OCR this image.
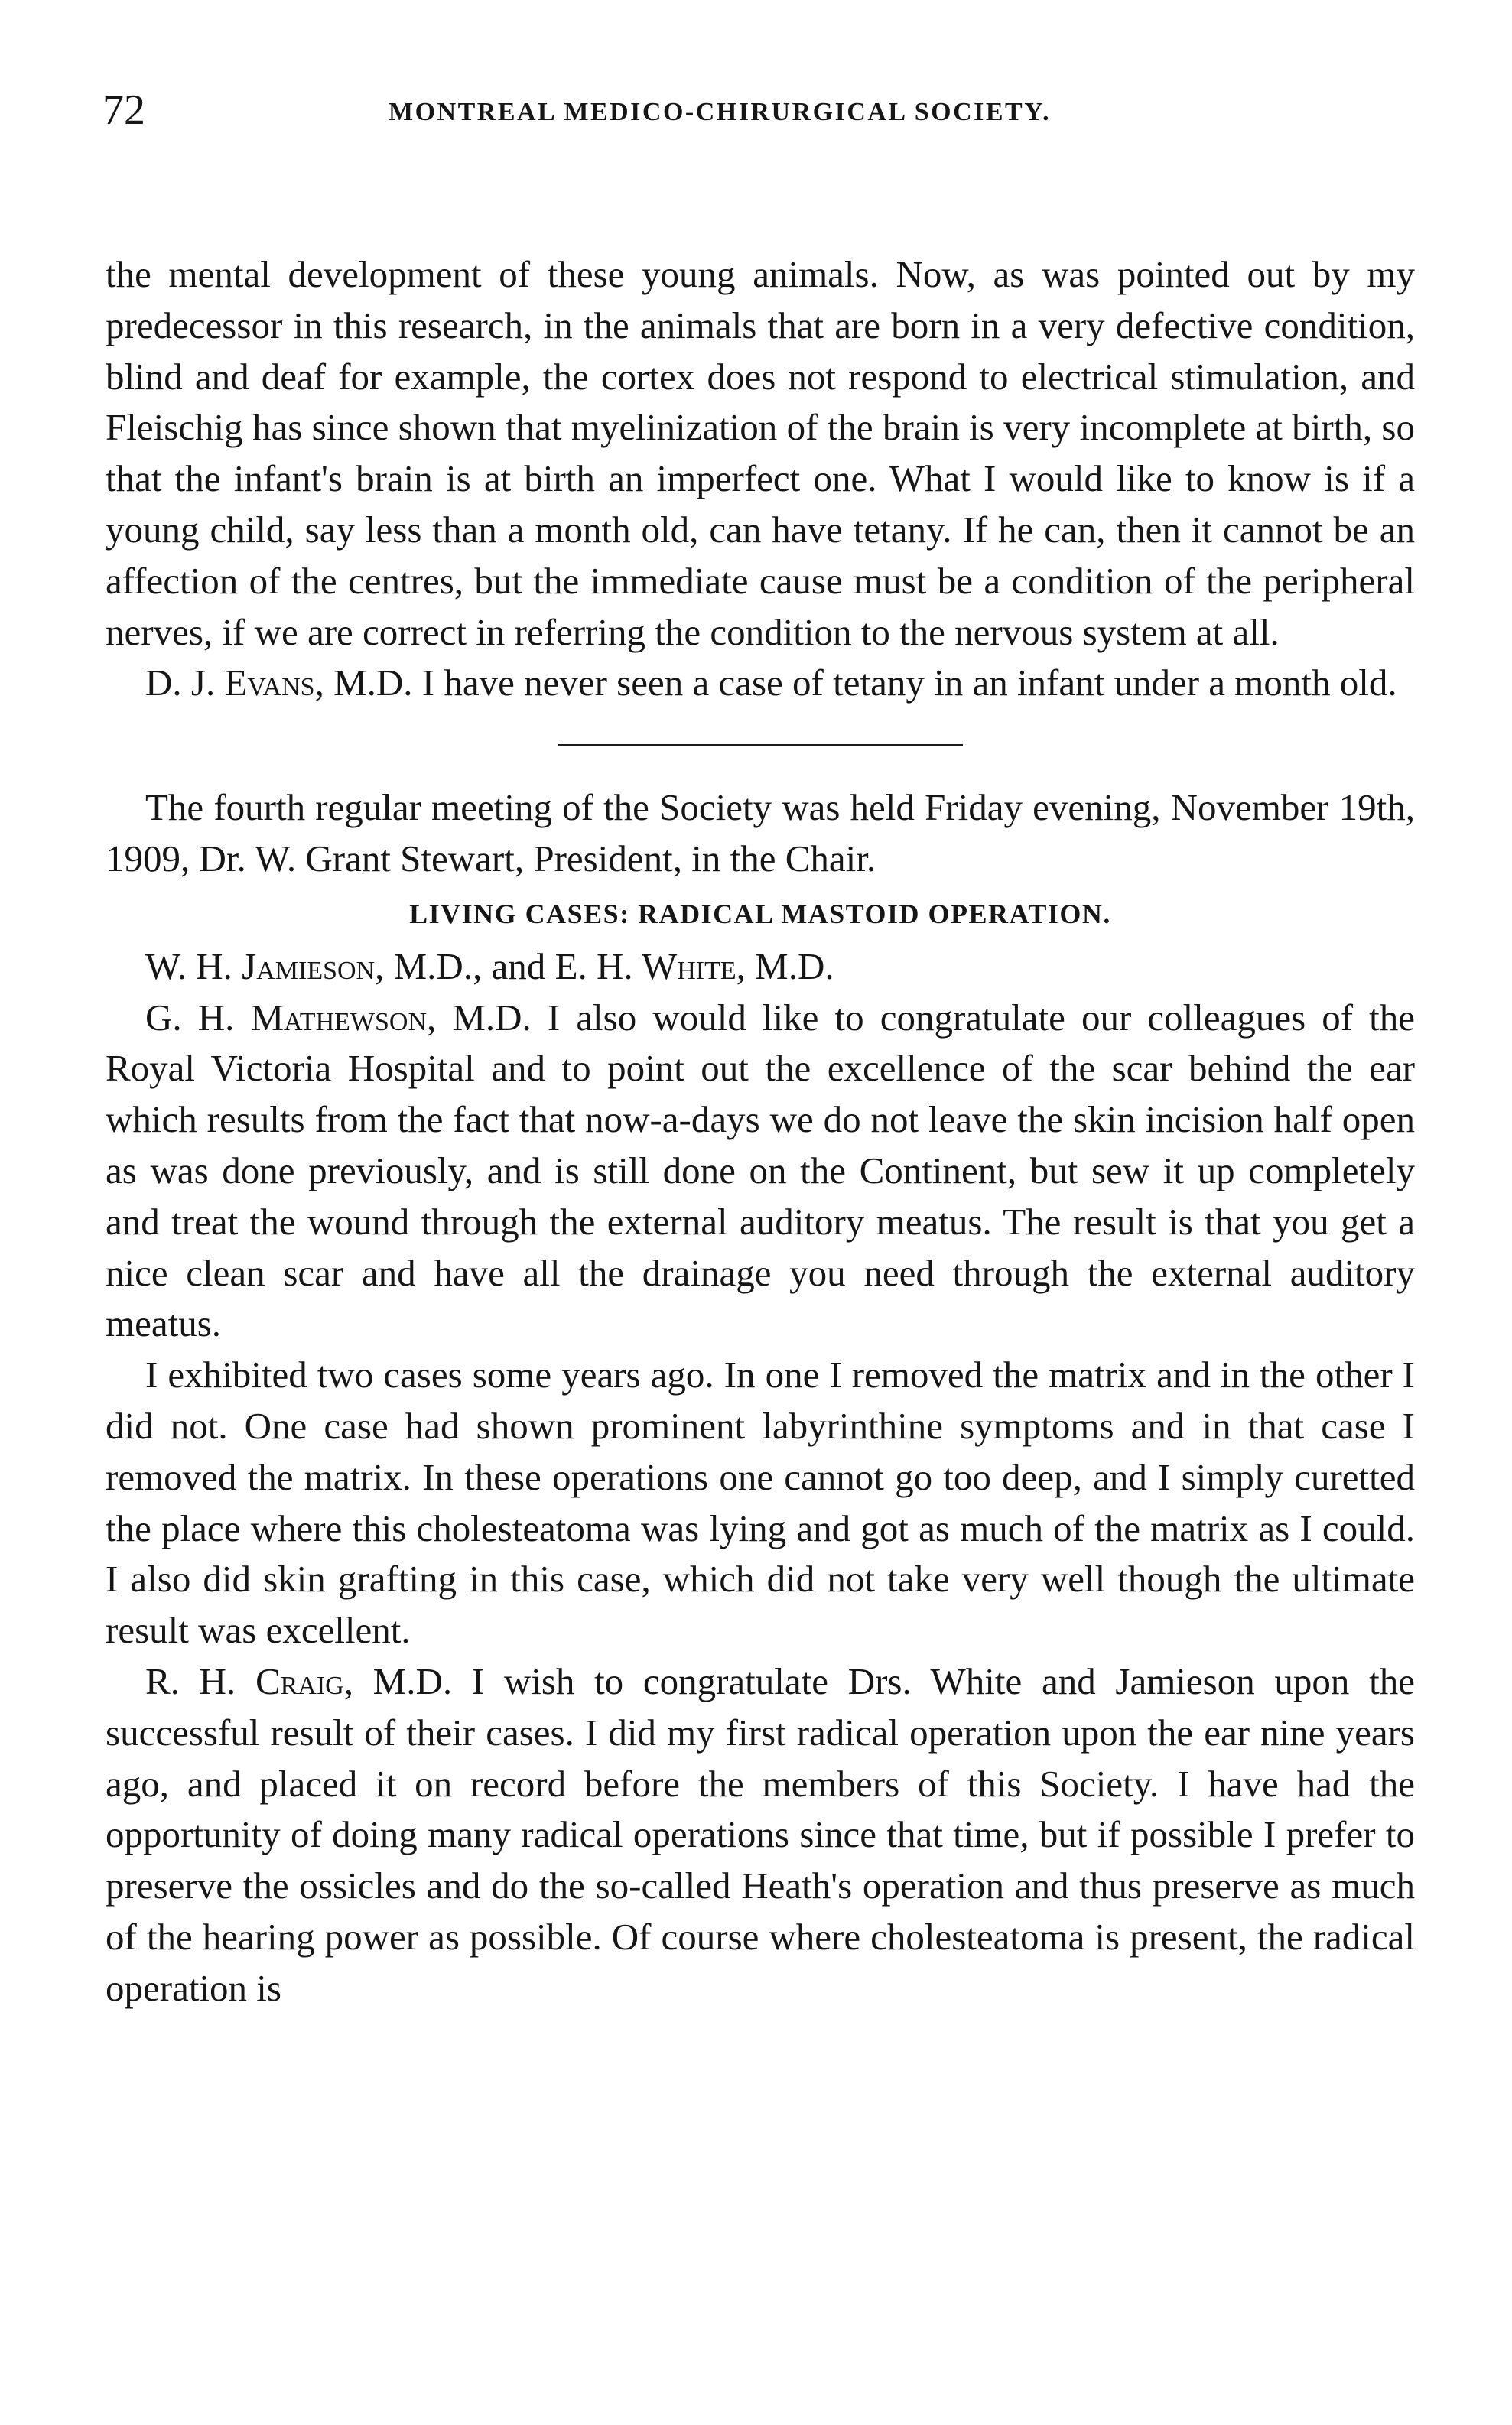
72	MONTREAL MEDICO-CHIRURGICAL SOCIETY.

the mental development of these young animals. Now, as was pointed out by my predecessor in this research, in the animals that are born in a very defective condition, blind and deaf for example, the cortex does not respond to electrical stimulation, and Fleischig has since shown that myelinization of the brain is very incomplete at birth, so that the infant's brain is at birth an imperfect one. What I would like to know is if a young child, say less than a month old, can have tetany. If he can, then it cannot be an affection of the centres, but the immediate cause must be a condition of the peripheral nerves, if we are correct in referring the condition to the nervous system at all.

D. J. Evans, M.D. I have never seen a case of tetany in an infant under a month old.

The fourth regular meeting of the Society was held Friday evening, November 19th, 1909, Dr. W. Grant Stewart, President, in the Chair.

LIVING CASES: RADICAL MASTOID OPERATION.

W. H. Jamieson, M.D., and E. H. White, M.D.

G. H. Mathewson, M.D. I also would like to congratulate our colleagues of the Royal Victoria Hospital and to point out the excellence of the scar behind the ear which results from the fact that now-a-days we do not leave the skin incision half open as was done previously, and is still done on the Continent, but sew it up completely and treat the wound through the external auditory meatus. The result is that you get a nice clean scar and have all the drainage you need through the external auditory meatus.

I exhibited two cases some years ago. In one I removed the matrix and in the other I did not. One case had shown prominent labyrinthine symptoms and in that case I removed the matrix. In these operations one cannot go too deep, and I simply curetted the place where this cholesteatoma was lying and got as much of the matrix as I could. I also did skin grafting in this case, which did not take very well though the ultimate result was excellent.

R. H. Craig, M.D. I wish to congratulate Drs. White and Jamieson upon the successful result of their cases. I did my first radical operation upon the ear nine years ago, and placed it on record before the members of this Society. I have had the opportunity of doing many radical operations since that time, but if possible I prefer to preserve the ossicles and do the so-called Heath's operation and thus preserve as much of the hearing power as possible. Of course where cholesteatoma is present, the radical operation is
